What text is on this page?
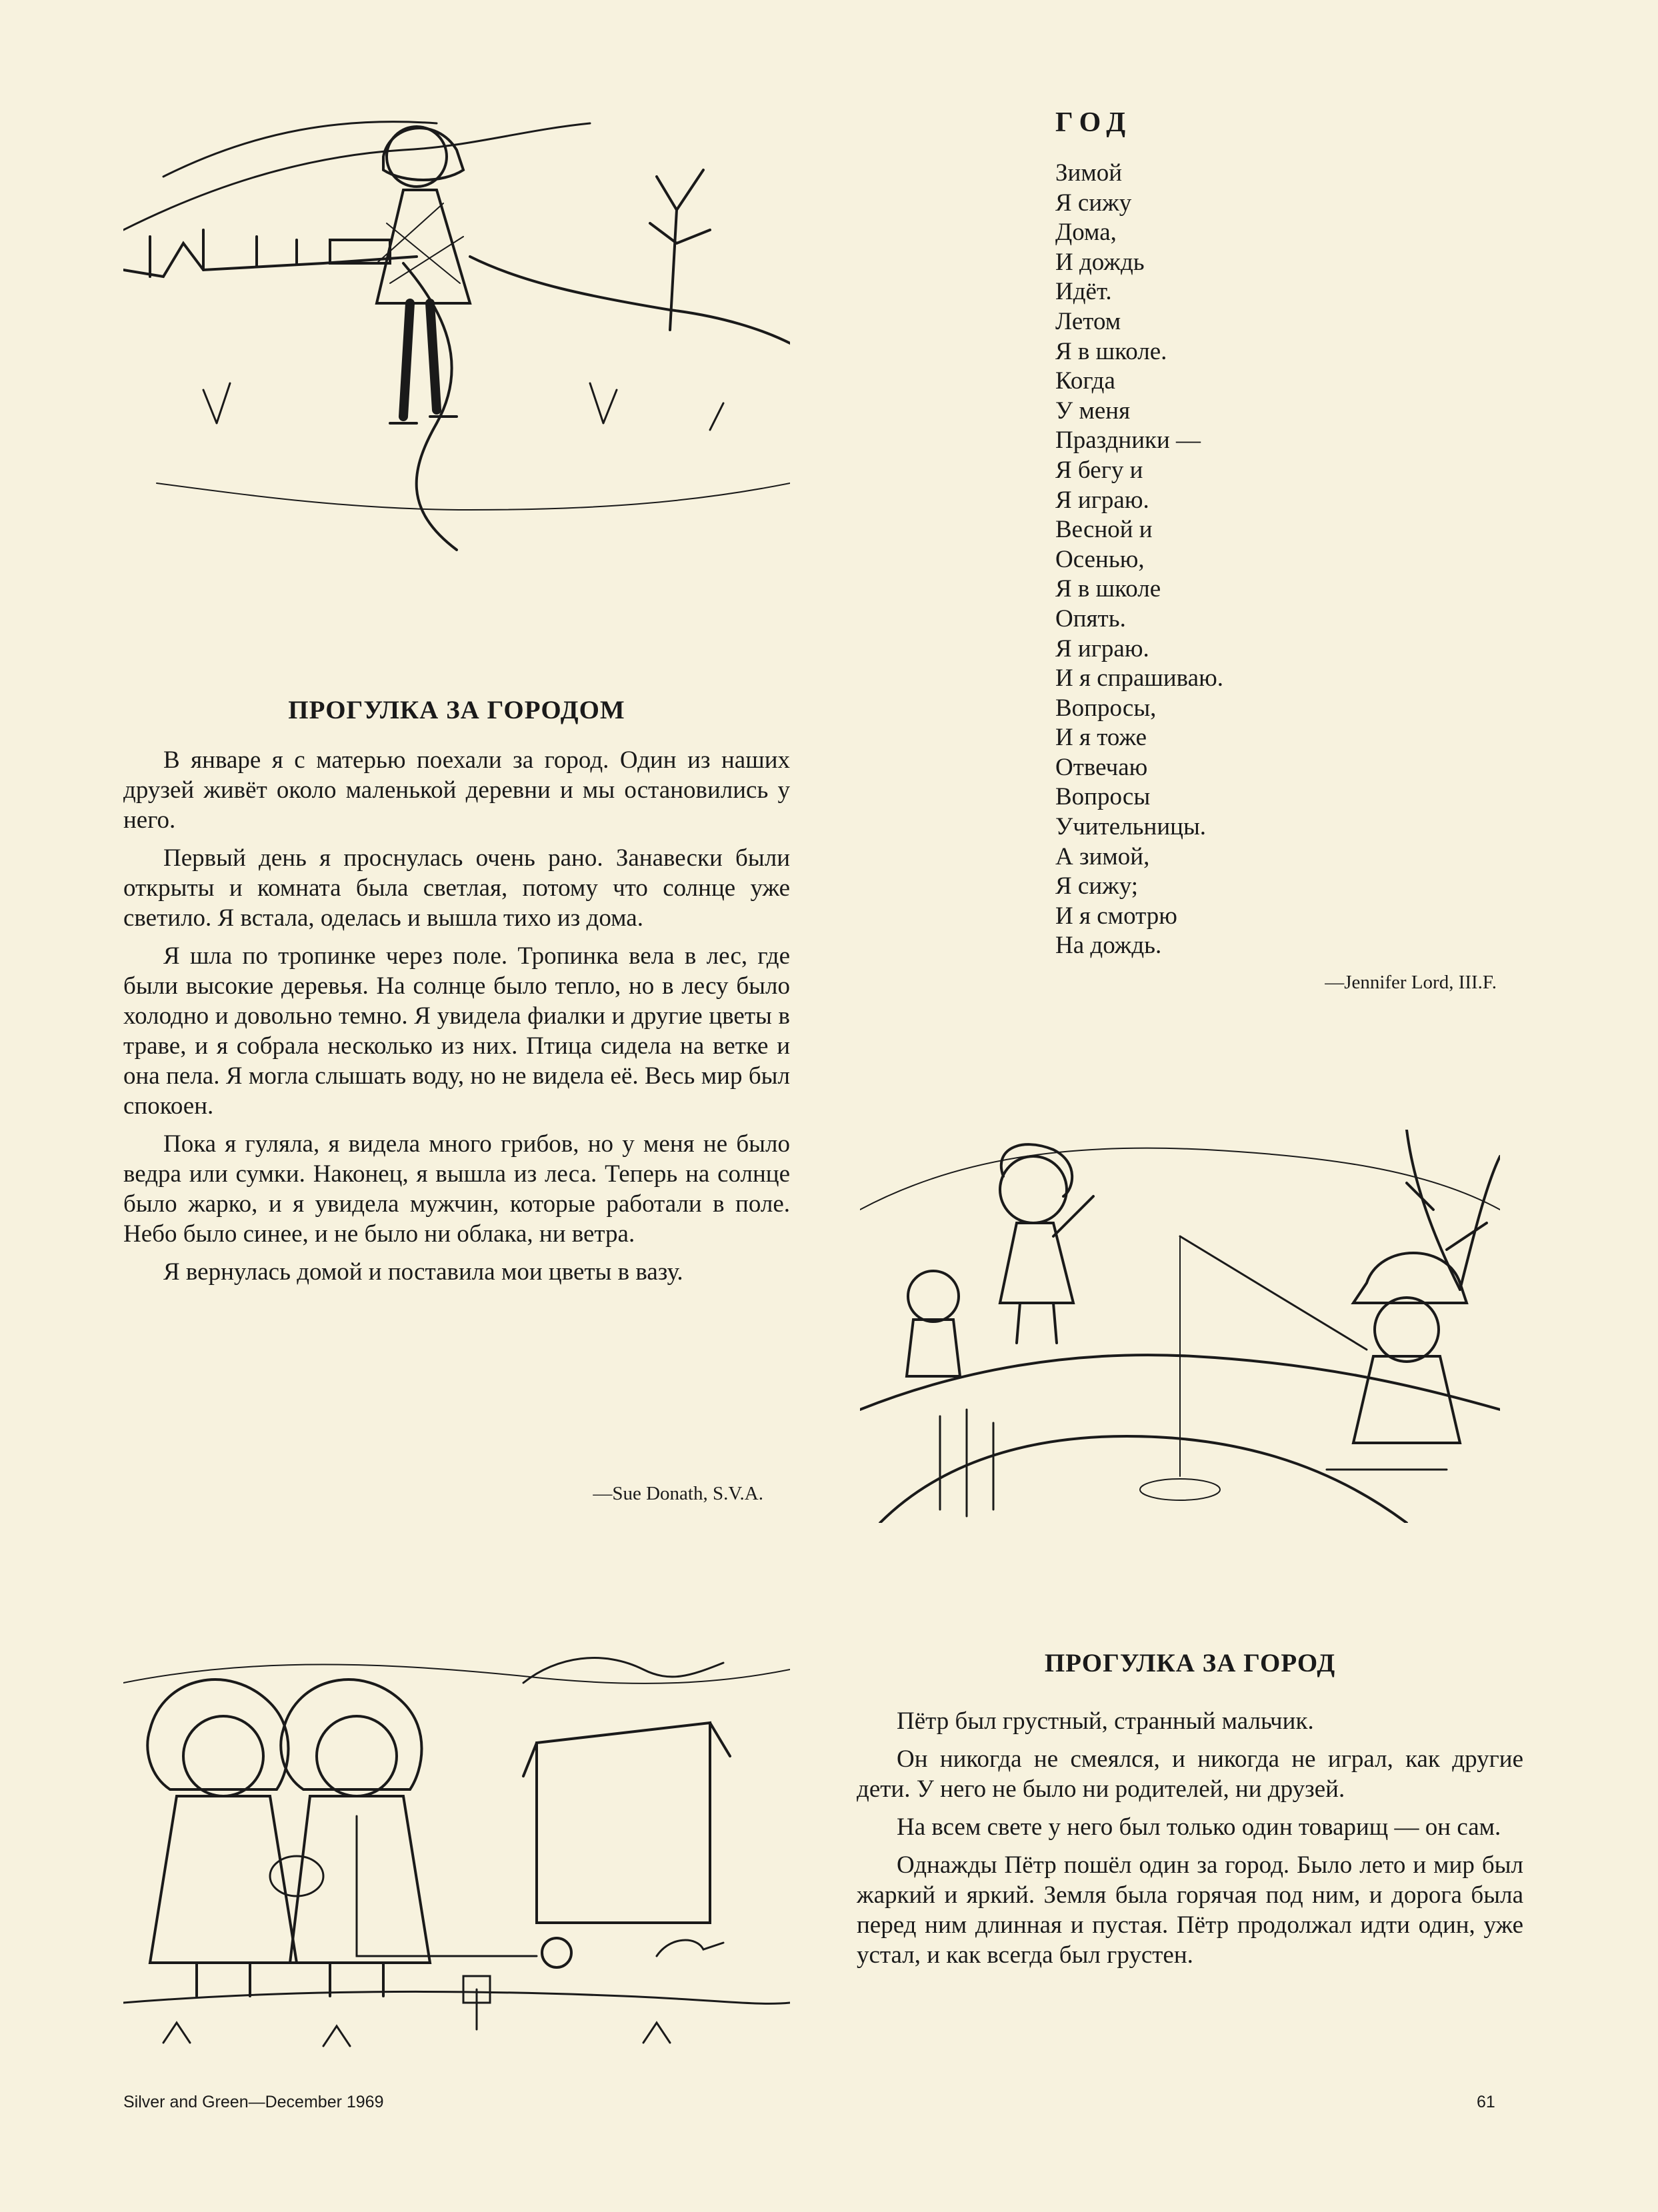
ПРОГУЛКА ЗА ГОРОДОМ

В январе я с матерью поехали за город. Один из наших друзей живёт около маленькой деревни и мы остановились у него.

Первый день я проснулась очень рано. Занавески были открыты и комната была светлая, потому что солнце уже светило. Я встала, оделась и вышла тихо из дома.

Я шла по тропинке через поле. Тропинка вела в лес, где были высокие деревья. На солнце было тепло, но в лесу было холодно и довольно темно. Я увидела фиалки и другие цветы в траве, и я собрала несколько из них. Птица сидела на ветке и она пела. Я могла слышать воду, но не видела её. Весь мир был спокоен.

Пока я гуляла, я видела много грибов, но у меня не было ведра или сумки. Наконец, я вышла из леса. Теперь на солнце было жарко, и я увидела мужчин, которые работали в поле. Небо было синее, и не было ни облака, ни ветра.

Я вернулась домой и поставила мои цветы в вазу.

—Sue Donath, S.V.A.
ГОД
Зимой
Я сижу
Дома,
И дождь
Идёт.
Летом
Я в школе.
Когда
У меня
Праздники —
Я бегу и
Я играю.
Весной и
Осенью,
Я в школе
Опять.
Я играю.
И я спрашиваю.
Вопросы,
И я тоже
Отвечаю
Вопросы
Учительницы.
А зимой,
Я сижу;
И я смотрю
На дождь.
—Jennifer Lord, III.F.
ПРОГУЛКА ЗА ГОРОД

Пётр был грустный, странный мальчик.

Он никогда не смеялся, и никогда не играл, как другие дети. У него не было ни родителей, ни друзей.

На всем свете у него был только один товарищ — он сам.

Однажды Пётр пошёл один за город. Было лето и мир был жаркий и яркий. Земля была горячая под ним, и дорога была перед ним длинная и пустая. Пётр продолжал идти один, уже устал, и как всегда был грустен.

Silver and Green—December 1969	61
